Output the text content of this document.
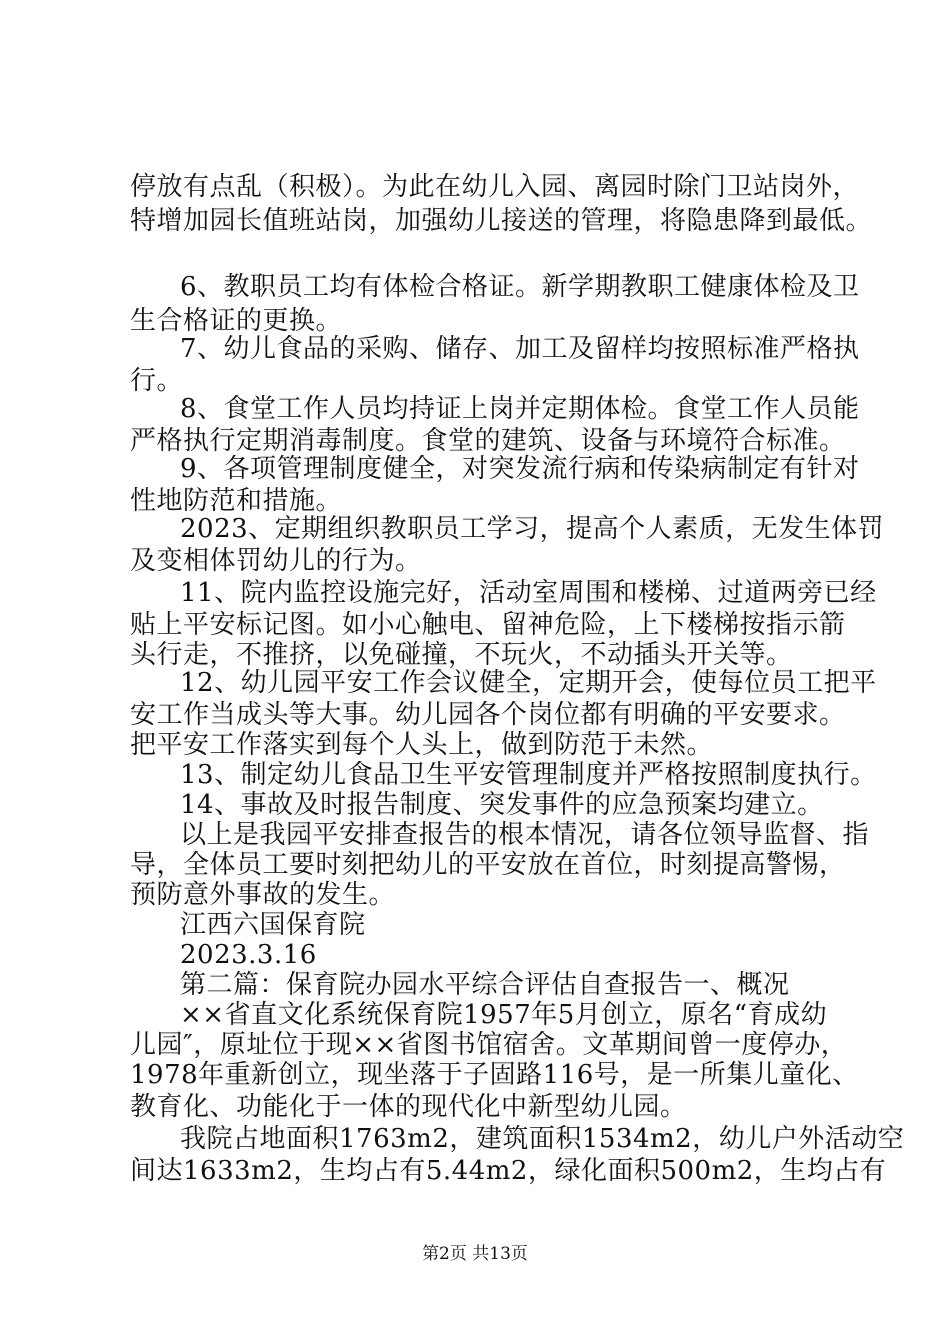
停放有点乱（积极）。为此在幼儿入园、离园时除门卫站岗外，
特增加园长值班站岗，加强幼儿接送的管理，将隐患降到最低。
6、教职员工均有体检合格证。新学期教职工健康体检及卫
生合格证的更换。
7、幼儿食品的采购、储存、加工及留样均按照标准严格执
行。
8、食堂工作人员均持证上岗并定期体检。食堂工作人员能
严格执行定期消毒制度。食堂的建筑、设备与环境符合标准。
9、各项管理制度健全，对突发流行病和传染病制定有针对
性地防范和措施。
2023、定期组织教职员工学习，提高个人素质，无发生体罚
及变相体罚幼儿的行为。
11、院内监控设施完好，活动室周围和楼梯、过道两旁已经
贴上平安标记图。如小心触电、留神危险，上下楼梯按指示箭
头行走，不推挤，以免碰撞，不玩火，不动插头开关等。
12、幼儿园平安工作会议健全，定期开会，使每位员工把平
安工作当成头等大事。幼儿园各个岗位都有明确的平安要求。
把平安工作落实到每个人头上，做到防范于未然。
13、制定幼儿食品卫生平安管理制度并严格按照制度执行。
14、事故及时报告制度、突发事件的应急预案均建立。
以上是我园平安排查报告的根本情况，请各位领导监督、指
导，全体员工要时刻把幼儿的平安放在首位，时刻提高警惕，
预防意外事故的发生。
江西六国保育院
2023.3.16
第二篇：保育院办园水平综合评估自查报告一、概况
××省直文化系统保育院1957年5月创立，原名“育成幼
儿园″，原址位于现××省图书馆宿舍。文革期间曾一度停办，
1978年重新创立，现坐落于子固路116号，是一所集儿童化、
教育化、功能化于一体的现代化中新型幼儿园。
我院占地面积1763m2，建筑面积1534m2，幼儿户外活动空
间达1633m2，生均占有5.44m2，绿化面积500m2，生均占有
第2页 共13页
